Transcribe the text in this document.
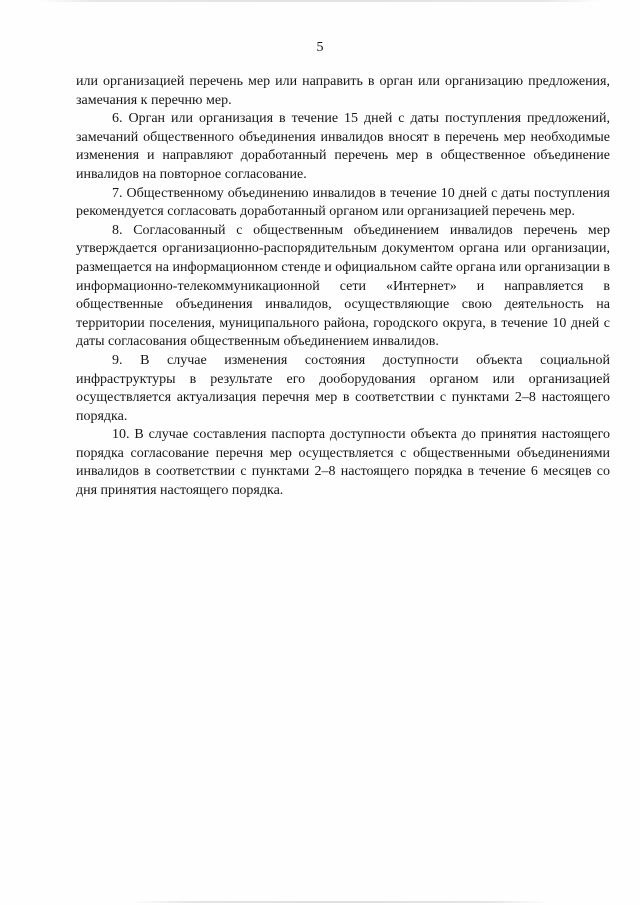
5

или организацией перечень мер или направить в орган или организацию предложения, замечания к перечню мер.

6. Орган или организация в течение 15 дней с даты поступления предложений, замечаний общественного объединения инвалидов вносят в перечень мер необходимые изменения и направляют доработанный перечень мер в общественное объединение инвалидов на повторное согласование.

7. Общественному объединению инвалидов в течение 10 дней с даты поступления рекомендуется согласовать доработанный органом или организацией перечень мер.

8. Согласованный с общественным объединением инвалидов перечень мер утверждается организационно-распорядительным документом органа или организации, размещается на информационном стенде и официальном сайте органа или организации в информационно-телекоммуникационной сети «Интернет» и направляется в общественные объединения инвалидов, осуществляющие свою деятельность на территории поселения, муниципального района, городского округа, в течение 10 дней с даты согласования общественным объединением инвалидов.

9. В случае изменения состояния доступности объекта социальной инфраструктуры в результате его дооборудования органом или организацией осуществляется актуализация перечня мер в соответствии с пунктами 2–8 настоящего порядка.

10. В случае составления паспорта доступности объекта до принятия настоящего порядка согласование перечня мер осуществляется с общественными объединениями инвалидов в соответствии с пунктами 2–8 настоящего порядка в течение 6 месяцев со дня принятия настоящего порядка.
